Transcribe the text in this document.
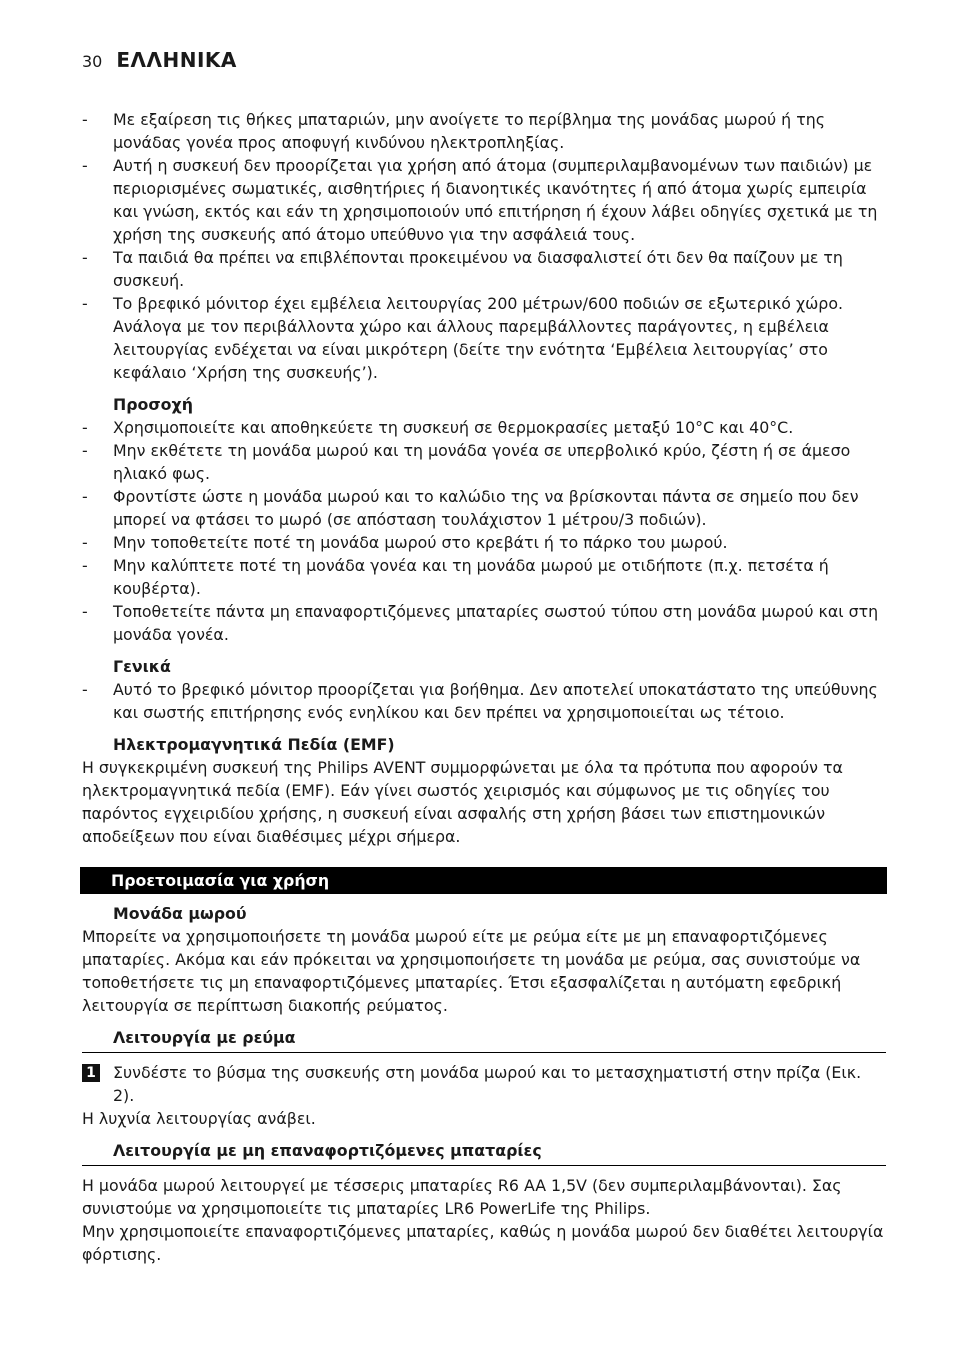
30 ΕΛΛΗΝΙΚΑ
- Με εξαίρεση τις θήκες μπαταριών, μην ανοίγετε το περίβλημα της μονάδας μωρού ή της μονάδας γονέα προς αποφυγή κινδύνου ηλεκτροπληξίας.
- Αυτή η συσκευή δεν προορίζεται για χρήση από άτομα (συμπεριλαμβανομένων των παιδιών) με περιορισμένες σωματικές, αισθητήριες ή διανοητικές ικανότητες ή από άτομα χωρίς εμπειρία και γνώση, εκτός και εάν τη χρησιμοποιούν υπό επιτήρηση ή έχουν λάβει οδηγίες σχετικά με τη χρήση της συσκευής από άτομο υπεύθυνο για την ασφάλειά τους.
- Τα παιδιά θα πρέπει να επιβλέπονται προκειμένου να διασφαλιστεί ότι δεν θα παίζουν με τη συσκευή.
- Το βρεφικό μόνιτορ έχει εμβέλεια λειτουργίας 200 μέτρων/600 ποδιών σε εξωτερικό χώρο. Ανάλογα με τον περιβάλλοντα χώρο και άλλους παρεμβάλλοντες παράγοντες, η εμβέλεια λειτουργίας ενδέχεται να είναι μικρότερη (δείτε την ενότητα ‘Εμβέλεια λειτουργίας’ στο κεφάλαιο ‘Χρήση της συσκευής’).
Προσοχή
- Χρησιμοποιείτε και αποθηκεύετε τη συσκευή σε θερμοκρασίες μεταξύ 10°C και 40°C.
- Μην εκθέτετε τη μονάδα μωρού και τη μονάδα γονέα σε υπερβολικό κρύο, ζέστη ή σε άμεσο ηλιακό φως.
- Φροντίστε ώστε η μονάδα μωρού και το καλώδιο της να βρίσκονται πάντα σε σημείο που δεν μπορεί να φτάσει το μωρό (σε απόσταση τουλάχιστον 1 μέτρου/3 ποδιών).
- Μην τοποθετείτε ποτέ τη μονάδα μωρού στο κρεβάτι ή το πάρκο του μωρού.
- Μην καλύπτετε ποτέ τη μονάδα γονέα και τη μονάδα μωρού με οτιδήποτε (π.χ. πετσέτα ή κουβέρτα).
- Τοποθετείτε πάντα μη επαναφορτιζόμενες μπαταρίες σωστού τύπου στη μονάδα μωρού και στη μονάδα γονέα.
Γενικά
- Αυτό το βρεφικό μόνιτορ προορίζεται για βοήθημα. Δεν αποτελεί υποκατάστατο της υπεύθυνης και σωστής επιτήρησης ενός ενηλίκου και δεν πρέπει να χρησιμοποιείται ως τέτοιο.
Ηλεκτρομαγνητικά Πεδία (EMF)
Η συγκεκριμένη συσκευή της Philips AVENT συμμορφώνεται με όλα τα πρότυπα που αφορούν τα ηλεκτρομαγνητικά πεδία (EMF). Εάν γίνει σωστός χειρισμός και σύμφωνος με τις οδηγίες του παρόντος εγχειριδίου χρήσης, η συσκευή είναι ασφαλής στη χρήση βάσει των επιστημονικών αποδείξεων που είναι διαθέσιμες μέχρι σήμερα.
Προετοιμασία για χρήση
Μονάδα μωρού
Μπορείτε να χρησιμοποιήσετε τη μονάδα μωρού είτε με ρεύμα είτε με μη επαναφορτιζόμενες μπαταρίες. Ακόμα και εάν πρόκειται να χρησιμοποιήσετε τη μονάδα με ρεύμα, σας συνιστούμε να τοποθετήσετε τις μη επαναφορτιζόμενες μπαταρίες. Έτσι εξασφαλίζεται η αυτόματη εφεδρική λειτουργία σε περίπτωση διακοπής ρεύματος.
Λειτουργία με ρεύμα
1 Συνδέστε το βύσμα της συσκευής στη μονάδα μωρού και το μετασχηματιστή στην πρίζα (Εικ. 2).
Η λυχνία λειτουργίας ανάβει.
Λειτουργία με μη επαναφορτιζόμενες μπαταρίες
Η μονάδα μωρού λειτουργεί με τέσσερις μπαταρίες R6 AA 1,5V (δεν συμπεριλαμβάνονται). Σας συνιστούμε να χρησιμοποιείτε τις μπαταρίες LR6 PowerLife της Philips.
Μην χρησιμοποιείτε επαναφορτιζόμενες μπαταρίες, καθώς η μονάδα μωρού δεν διαθέτει λειτουργία φόρτισης.
